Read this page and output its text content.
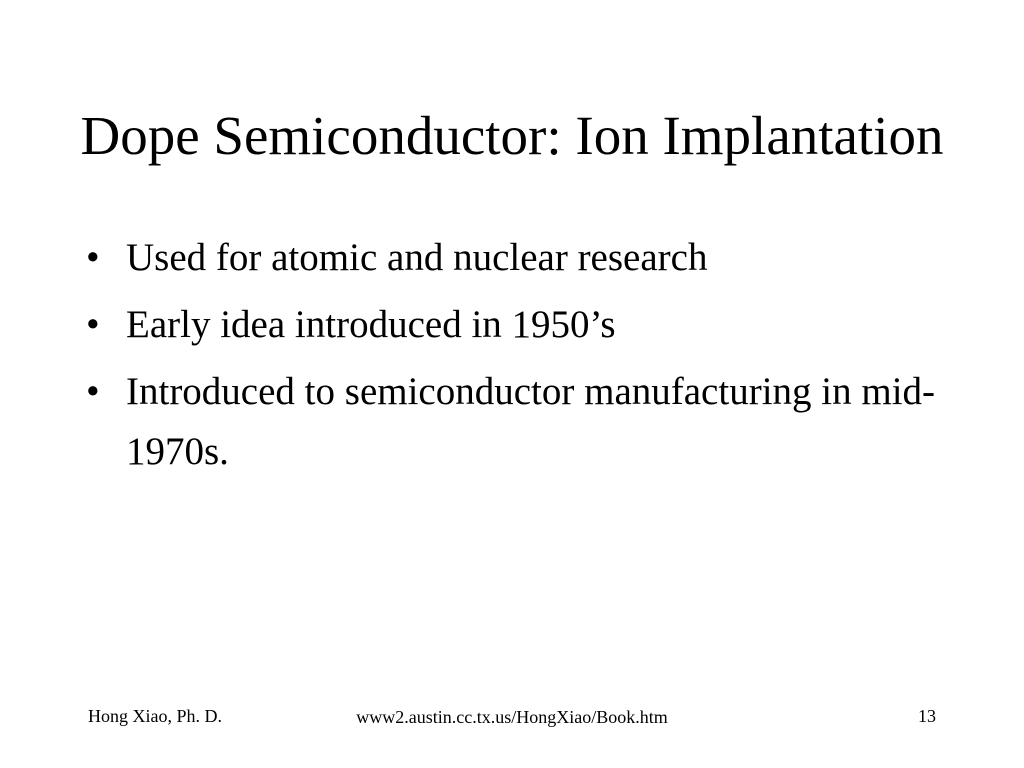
Dope Semiconductor: Ion Implantation
• Used for atomic and nuclear research
• Early idea introduced in 1950’s
• Introduced to semiconductor manufacturing in mid-1970s.
Hong Xiao, Ph. D.	www2.austin.cc.tx.us/HongXiao/Book.htm	13
